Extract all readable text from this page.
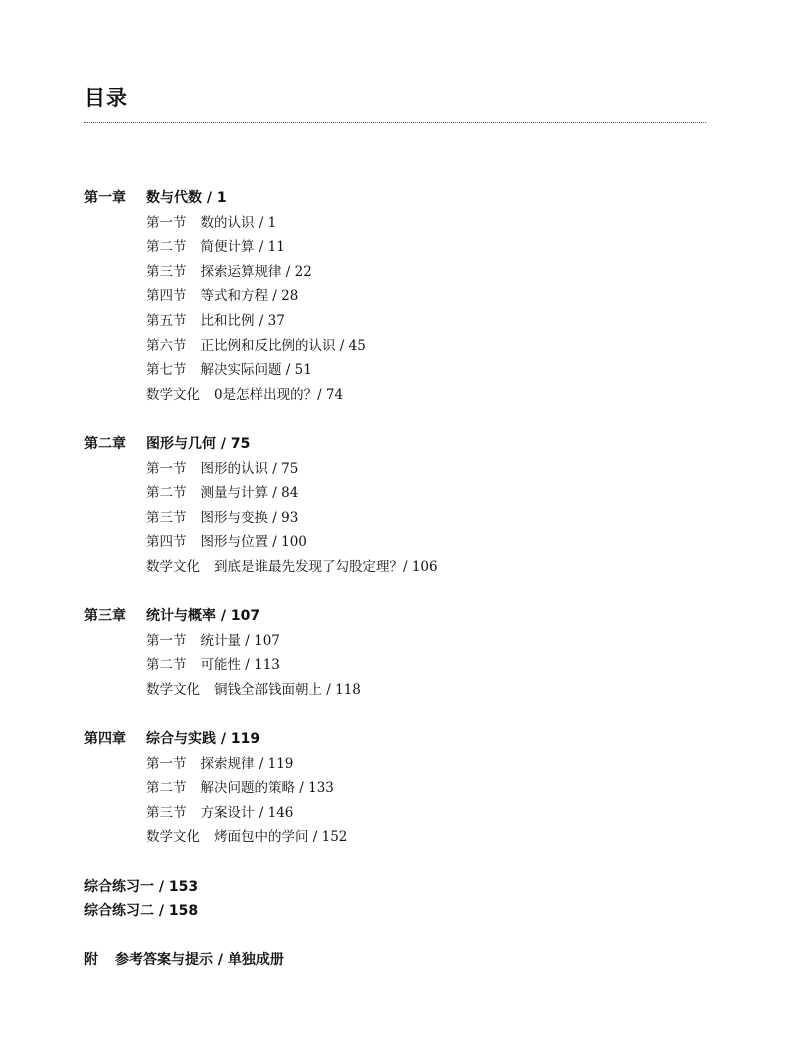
目录
第一章 数与代数 / 1
第一节 数的认识 / 1
第二节 简便计算 / 11
第三节 探索运算规律 / 22
第四节 等式和方程 / 28
第五节 比和比例 / 37
第六节 正比例和反比例的认识 / 45
第七节 解决实际问题 / 51
数学文化 0是怎样出现的？/ 74
第二章 图形与几何 / 75
第一节 图形的认识 / 75
第二节 测量与计算 / 84
第三节 图形与变换 / 93
第四节 图形与位置 / 100
数学文化 到底是谁最先发现了勾股定理？/ 106
第三章 统计与概率 / 107
第一节 统计量 / 107
第二节 可能性 / 113
数学文化 铜钱全部钱面朝上 / 118
第四章 综合与实践 / 119
第一节 探索规律 / 119
第二节 解决问题的策略 / 133
第三节 方案设计 / 146
数学文化 烤面包中的学问 / 152
综合练习一 / 153
综合练习二 / 158
附 参考答案与提示 / 单独成册
